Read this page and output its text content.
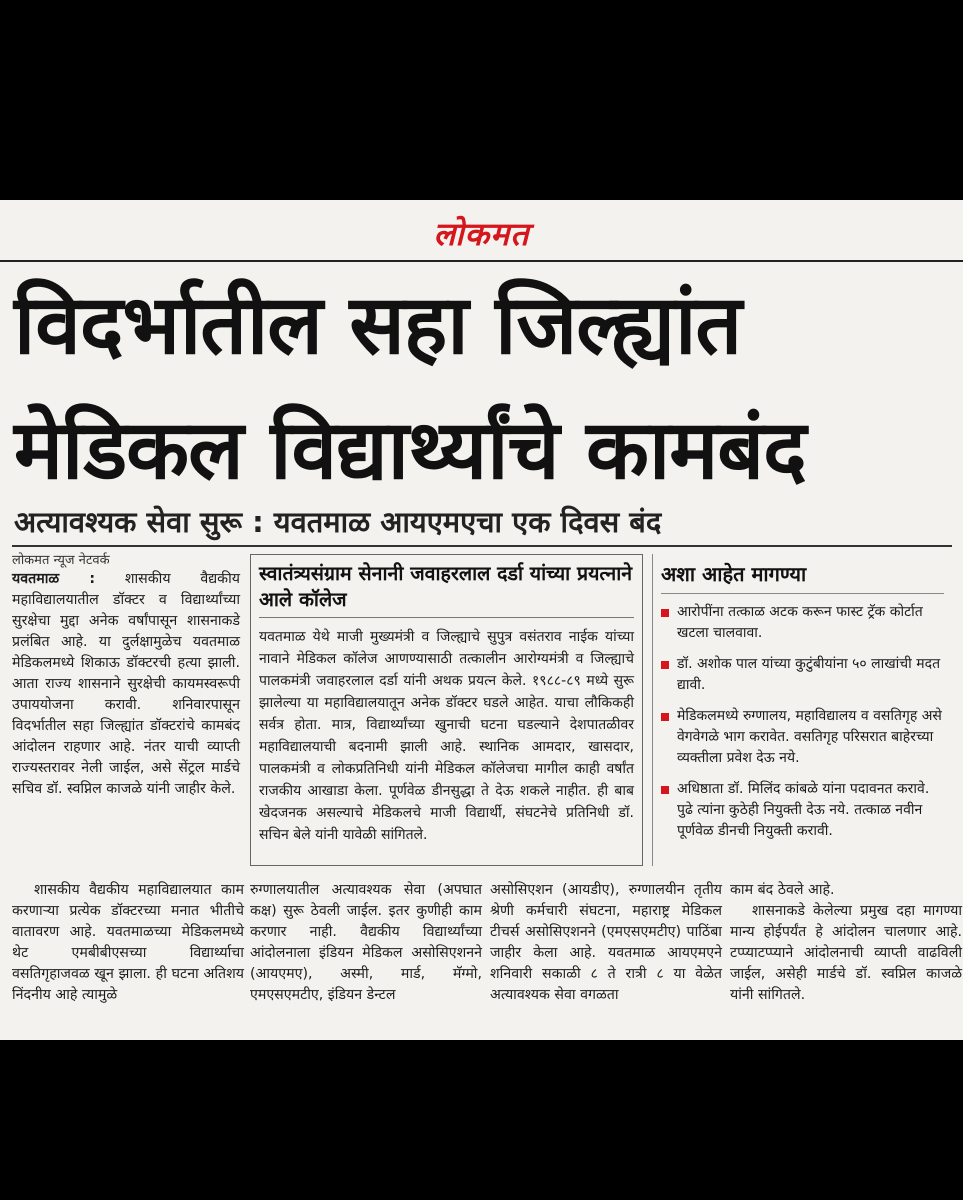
लोकमत
विदर्भातील सहा जिल्ह्यांत
मेडिकल विद्यार्थ्यांचे कामबंद
अत्यावश्यक सेवा सुरू : यवतमाळ आयएमएचा एक दिवस बंद
लोकमत न्यूज नेटवर्क
यवतमाळ : शासकीय वैद्यकीय महाविद्यालयातील डॉक्टर व विद्यार्थ्यांच्या सुरक्षेचा मुद्दा अनेक वर्षांपासून शासनाकडे प्रलंबित आहे. या दुर्लक्षामुळेच यवतमाळ मेडिकलमध्ये शिकाऊ डॉक्टरची हत्या झाली. आता राज्य शासनाने सुरक्षेची कायमस्वरूपी उपाययोजना करावी. शनिवारपासून विदर्भातील सहा जिल्ह्यांत डॉक्टरांचे कामबंद आंदोलन राहणार आहे. नंतर याची व्याप्ती राज्यस्तरावर नेली जाईल, असे सेंट्रल मार्डचे सचिव डॉ. स्वप्निल काजळे यांनी जाहीर केले.
स्वातंत्र्यसंग्राम सेनानी जवाहरलाल दर्डा यांच्या प्रयत्नाने आले कॉलेज
यवतमाळ येथे माजी मुख्यमंत्री व जिल्ह्याचे सुपुत्र वसंतराव नाईक यांच्या नावाने मेडिकल कॉलेज आणण्यासाठी तत्कालीन आरोग्यमंत्री व जिल्ह्याचे पालकमंत्री जवाहरलाल दर्डा यांनी अथक प्रयत्न केले. १९८८-८९ मध्ये सुरू झालेल्या या महाविद्यालयातून अनेक डॉक्टर घडले आहेत. याचा लौकिकही सर्वत्र होता. मात्र, विद्यार्थ्यांच्या खुनाची घटना घडल्याने देशपातळीवर महाविद्यालयाची बदनामी झाली आहे. स्थानिक आमदार, खासदार, पालकमंत्री व लोकप्रतिनिधी यांनी मेडिकल कॉलेजचा मागील काही वर्षांत राजकीय आखाडा केला. पूर्णवेळ डीनसुद्धा ते देऊ शकले नाहीत. ही बाब खेदजनक असल्याचे मेडिकलचे माजी विद्यार्थी, संघटनेचे प्रतिनिधी डॉ. सचिन बेले यांनी यावेळी सांगितले.
अशा आहेत मागण्या
आरोपींना तत्काळ अटक करून फास्ट ट्रॅक कोर्टात खटला चालवावा.
डॉ. अशोक पाल यांच्या कुटुंबीयांना ५० लाखांची मदत द्यावी.
मेडिकलमध्ये रुग्णालय, महाविद्यालय व वसतिगृह असे वेगवेगळे भाग करावेत. वसतिगृह परिसरात बाहेरच्या व्यक्तीला प्रवेश देऊ नये.
अधिष्ठाता डॉ. मिलिंद कांबळे यांना पदावनत करावे. पुढे त्यांना कुठेही नियुक्ती देऊ नये. तत्काळ नवीन पूर्णवेळ डीनची नियुक्ती करावी.
शासकीय वैद्यकीय महाविद्यालयात काम करणाऱ्या प्रत्येक डॉक्टरच्या मनात भीतीचे वातावरण आहे. यवतमाळच्या मेडिकलमध्ये थेट एमबीबीएसच्या विद्यार्थ्याचा वसतिगृहाजवळ खून झाला. ही घटना अतिशय निंदनीय आहे त्यामुळे
रुग्णालयातील अत्यावश्यक सेवा (अपघात कक्ष) सुरू ठेवली जाईल. इतर कुणीही काम करणार नाही. वैद्यकीय विद्यार्थ्यांच्या आंदोलनाला इंडियन मेडिकल असोसिएशनने (आयएमए), अस्मी, मार्ड, मॅग्मो, एमएसएमटीए, इंडियन डेन्टल
असोसिएशन (आयडीए), रुग्णालयीन तृतीय श्रेणी कर्मचारी संघटना, महाराष्ट्र मेडिकल टीचर्स असोसिएशनने (एमएसएमटीए) पाठिंबा जाहीर केला आहे. यवतमाळ आयएमएने शनिवारी सकाळी ८ ते रात्री ८ या वेळेत अत्यावश्यक सेवा वगळता
काम बंद ठेवले आहे.
शासनाकडे केलेल्या प्रमुख दहा मागण्या मान्य होईपर्यंत हे आंदोलन चालणार आहे. टप्प्याटप्प्याने आंदोलनाची व्याप्ती वाढविली जाईल, असेही मार्डचे डॉ. स्वप्निल काजळे यांनी सांगितले.
